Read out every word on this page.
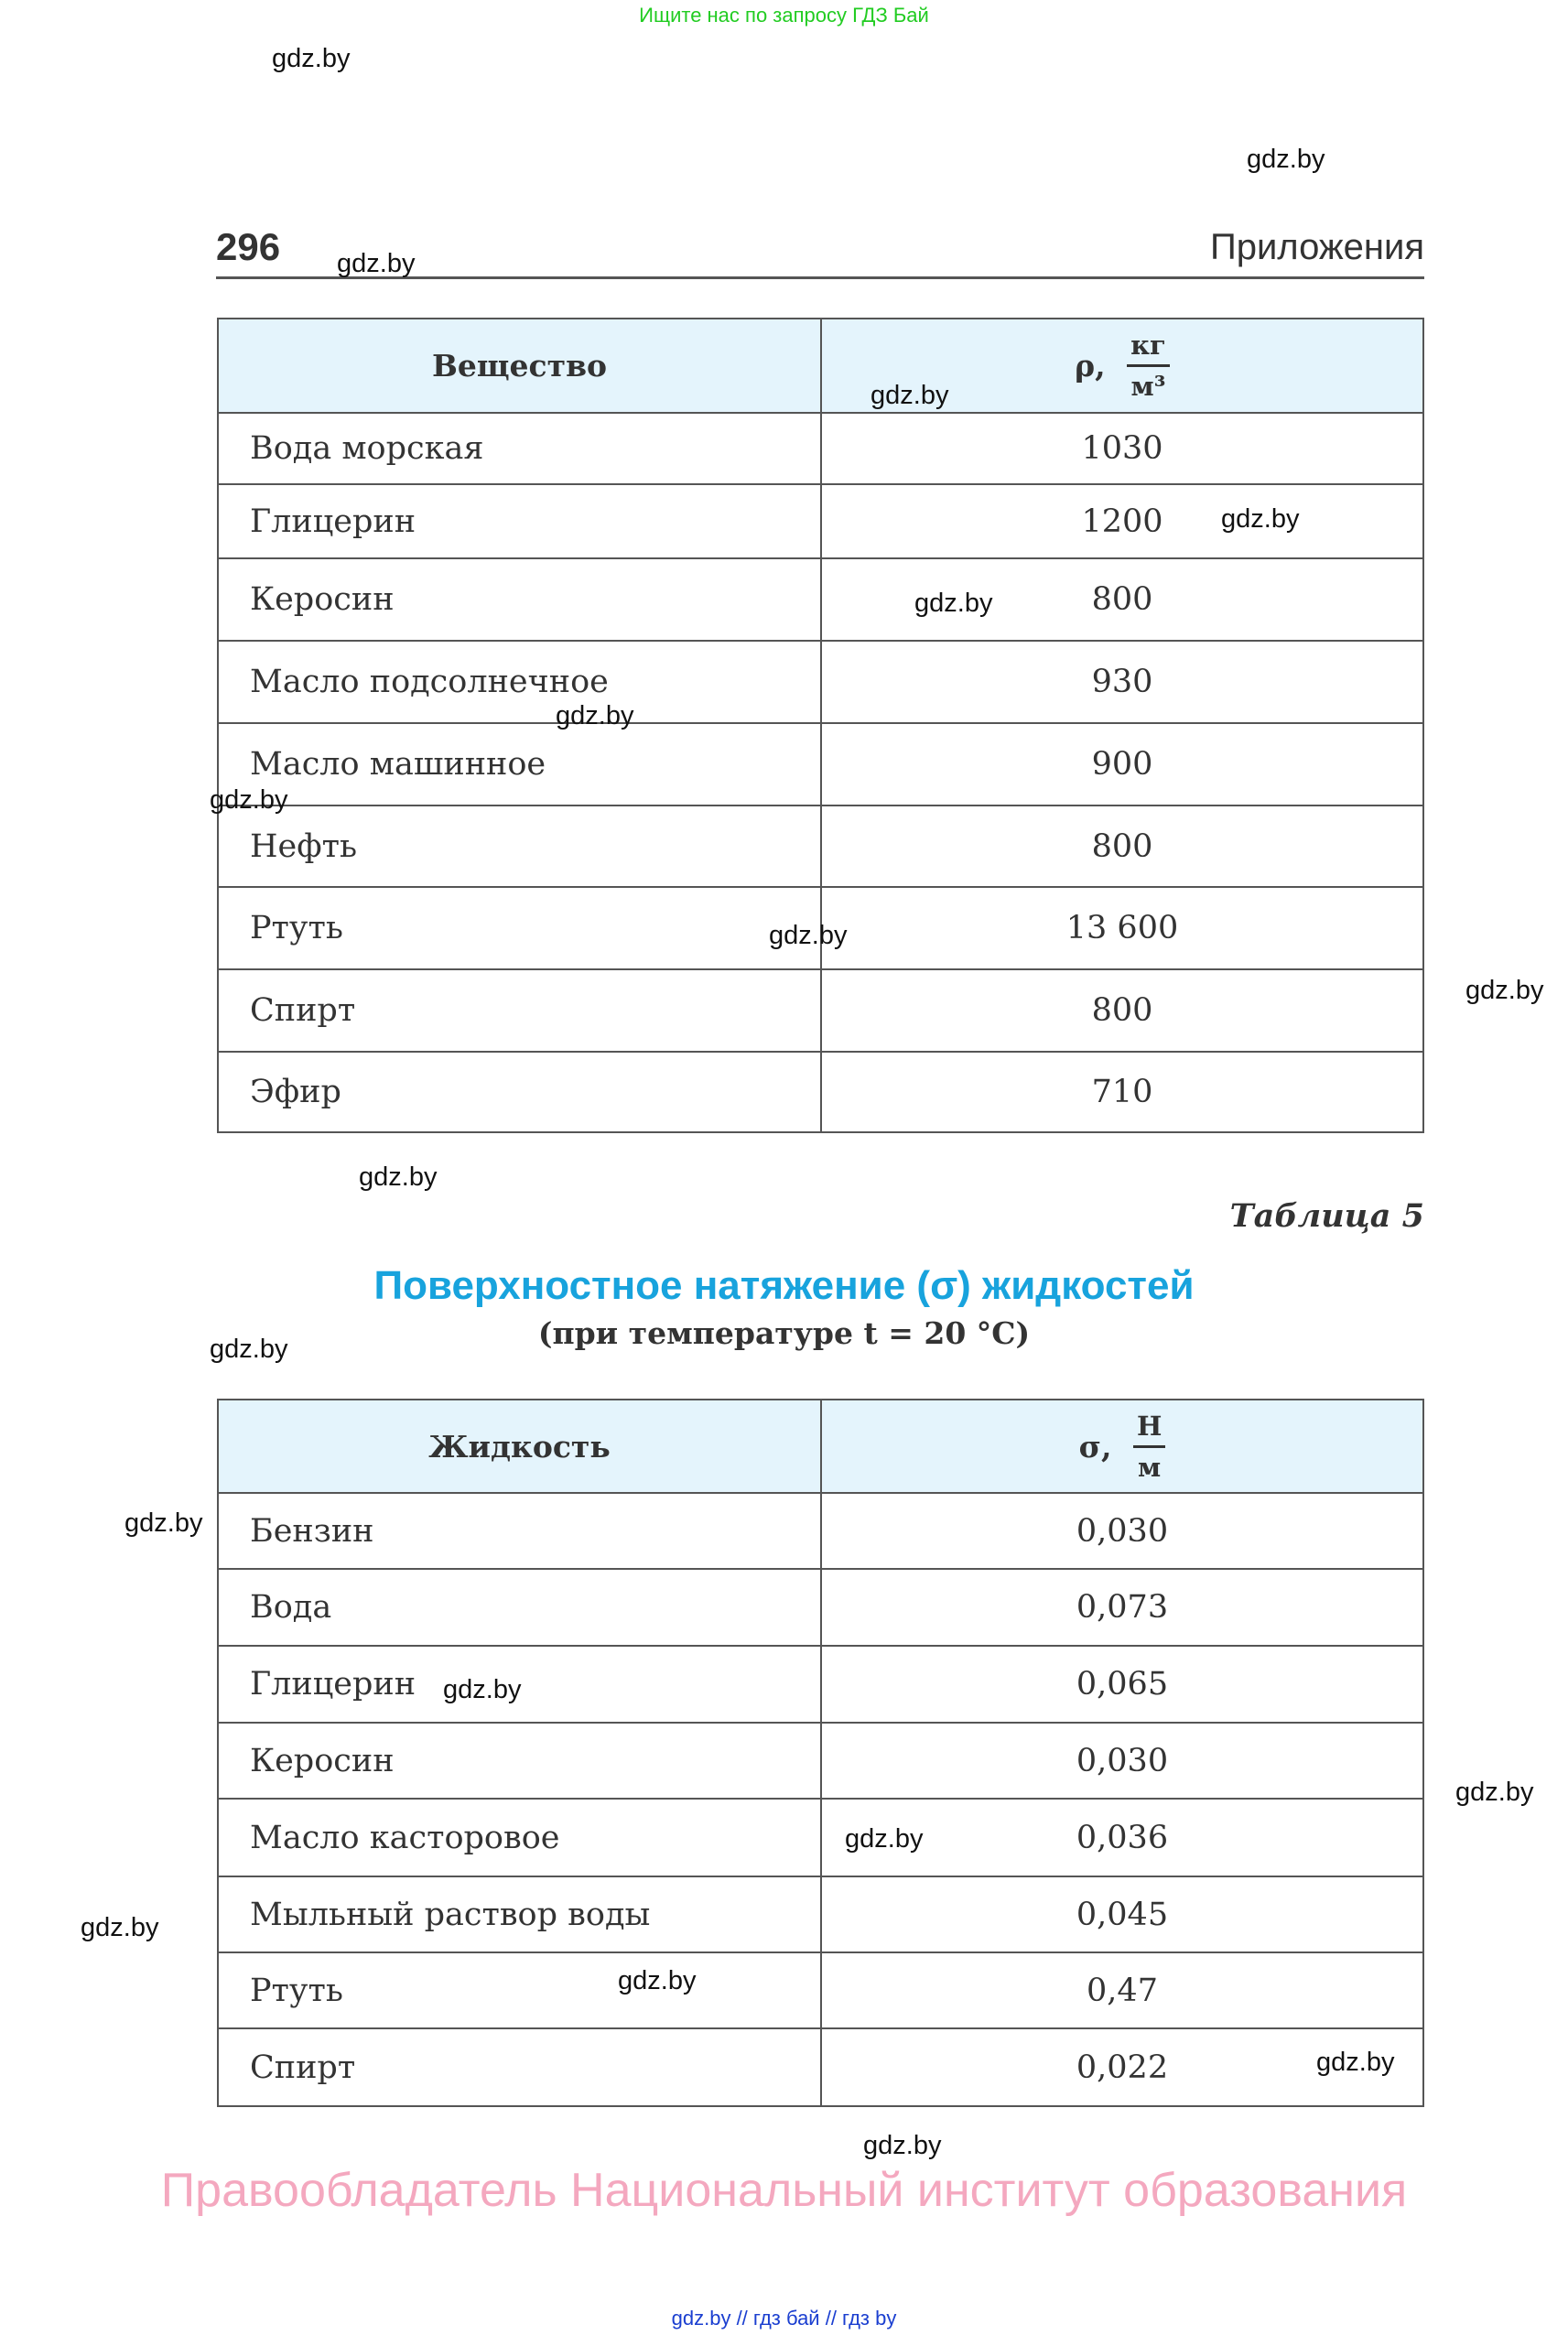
Ищите нас по запросу ГДЗ Бай
gdz.by
gdz.by
gdz.by
gdz.by
gdz.by
gdz.by
gdz.by
gdz.by
gdz.by
gdz.by
gdz.by
gdz.by
gdz.by
gdz.by
gdz.by
gdz.by
gdz.by
gdz.by
gdz.by
gdz.by
296	Приложения
Вещество	ρ, $\frac{кг}{\text{м³}}$

Вода морская	1030
Глицерин	1200
Керосин	800
Масло подсолнечное	930
Масло машинное	900
Нефть	800
Ртуть	13 600
Спирт	800
Эфир	710
Таблица 5
Поверхностное натяжение (σ) жидкостей
(при температуре t = 20 °C)
Жидкость	σ, $\frac{Н}{м}$

Бензин	0,030
Вода	0,073
Глицерин	0,065
Керосин	0,030
Масло касторовое	0,036
Мыльный раствор воды	0,045
Ртуть	0,47
Спирт	0,022
Правообладатель Национальный институт образования
gdz.by // гдз бай // гдз by
